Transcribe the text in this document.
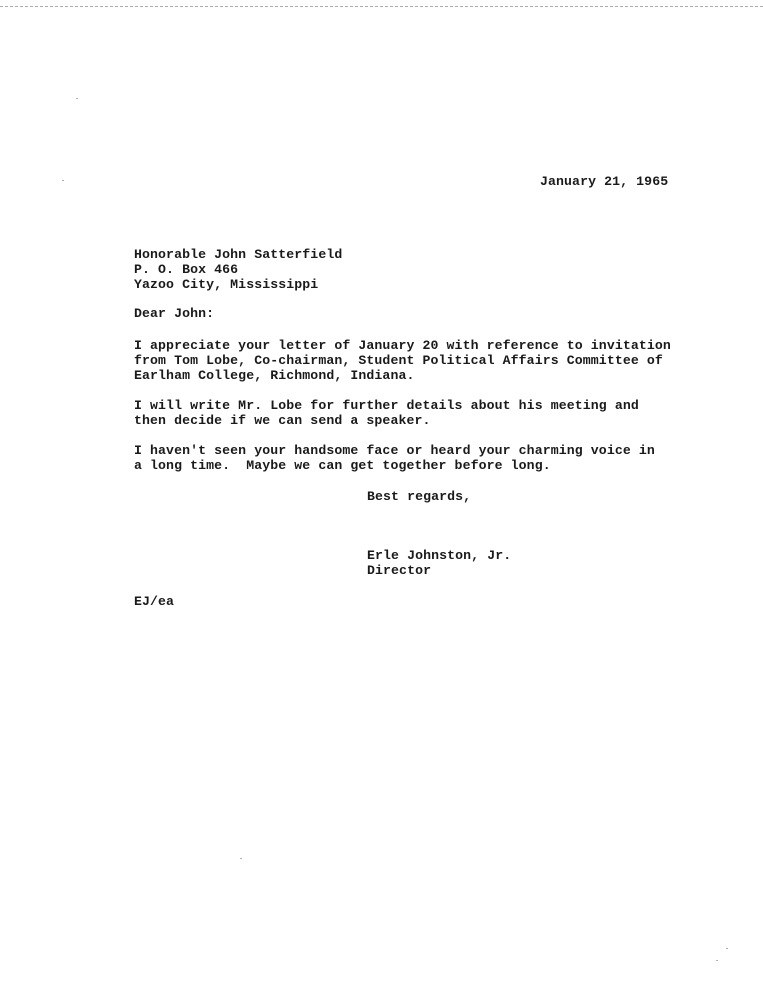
January 21, 1965
Honorable John Satterfield
P. O. Box 466
Yazoo City, Mississippi
Dear John:
I appreciate your letter of January 20 with reference to invitation
from Tom Lobe, Co-chairman, Student Political Affairs Committee of
Earlham College, Richmond, Indiana.
I will write Mr. Lobe for further details about his meeting and
then decide if we can send a speaker.
I haven't seen your handsome face or heard your charming voice in
a long time.  Maybe we can get together before long.
Best regards,
Erle Johnston, Jr.
Director
EJ/ea
